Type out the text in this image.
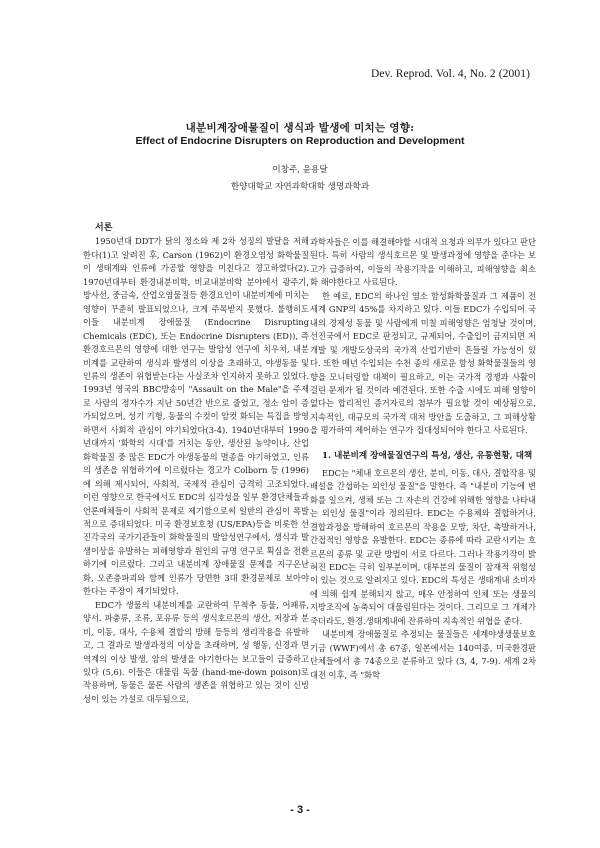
Dev. Reprod. Vol. 4, No. 2 (2001)
내분비계장애물질이 생식과 발생에 미치는 영향:
Effect of Endocrine Disrupters on Reproduction and Development
이창주, 윤용달
한양대학교 자연과학대학 생명과학과

서론

1950년대 DDT가 닭의 정소와 제 2차 성징의 발달을 저해한다(1)고 알려진 후, Carson (1962)이 환경오염성 화학물질이 생태계와 인류에 가공할 영향을 미친다고 경고하였다(2). 1970년대부터 환경내분비학, 비교내분비학 분야에서 광주기, 방사선, 중금속, 산업오염물질등 환경요인이 내분비계에 미치는 영향이 꾸준히 발표되었으나, 크게 주목받지 못했다. 불행히도 이들 내분비계 장애물질 (Endocrine Disrupting Chemicals (EDC), 또는 Endocrine Disrupters (ED)), 즉 환경호르몬의 영향에 대한 연구는 발암성 연구에 치우쳐, 내분비계를 교란하여 생식과 발생의 이상을 초래하고, 야생동물 및 인류의 생존이 위협받는다는 사실조차 인지하지 못하고 있었다. 1993년 영국의 BBC방송이 "Assault on the Male"을 주제로 사람의 정자수가 지난 50년간 반으로 줄었고, 정소 암이 증가되었으며, 성기 기형, 동물의 수컷이 암컷 화되는 특집을 방영하면서 사회적 관심이 야기되었다(3-4). 1940년대부터 1990년대까지 '화학의 시대'를 거치는 동안, 생산된 농약이나, 산업화학물질 중 많은 EDC가 야생동물의 멸종을 야기하였고, 인류의 생존을 위협하기에 이르렀다는 경고가 Colborn 등 (1996)에 의해 제시되어, 사회적, 국제적 관심이 급격히 고조되었다. 이런 영향으로 한국에서도 EDC의 심각성을 일부 환경단체들과 언론매체들이 사회적 문제로 제기함으로써 일반의 관심이 폭발적으로 증대되었다. 미국 환경보호청 (US/EPA)등을 비롯한 선진각국의 국가기관들이 화학물질의 발암성연구에서, 생식과 발생이상을 유발하는 피해영향과 원인의 규명 연구로 획심을 전환하기에 이르렀다. 그리고 내분비계 장애물질 문제를 지구온난화, 오존층파괴와 함께 인류가 당면한 3대 환경문제로 보아야 한다는 주장이 제기되었다.

EDC가 생물의 내분비계를 교란하여 무척추 동물, 어패류, 양서. 파충류, 조류, 포유류 등의 생식호르몬의 생산, 저장과 분비, 이동, 대사, 수용체 결합의 방해 등등의 생리작용을 유발하고, 그 결과로 발생과정의 이상을 초래하며, 성 행동, 신경과 면역계의 이상 발생, 암의 발생을 야기한다는 보고들이 급증하고 있다 (5,6). 이들은 대물림 독물 (hand-me-down poison)로 작용하며, 동물은 물론 사람의 생존을 위협하고 있는 것이 신빙성이 있는 가설로 대두됨으로,

과학자들은 이를 해결해야할 시대적 요청과 의무가 있다고 판단된다. 특히 사람의 생식호르몬 및 발생과정에 영향을 준다는 보고가 급증하여, 이들의 작용기작을 이해하고, 피해영향을 최소화 해야한다고 사료된다.

한 예로, EDC의 하나인 염소 함성화학물질과 그 제품이 전세계 GNP의 45%를 차지하고 있다. 이들 EDC가 수입되어 국내의 경제성 동물 및 사람에게 미칠 피해영향은 엄청날 것이며, 선진국에서 EDC로 판정되고, 규제되어, 수출입이 금지되면 저개발 및 개발도상국의 국가적 산업기반이 흔들릴 가능성이 있다. 또한 매년 수입되는 수천 종의 새로운 함성 화학물질들의 영향을 모니터링할 대책이 필요하고, 이는 국가적 경쟁과 사활이 걸린 문제가 될 것이라 예견된다. 또한 수출 시에도 피해 영향이 없다는 합리적인 증거자료의 첨부가 필요할 것이 예상됨으로, 지속적인, 대규모의 국가적 대처 방안을 도출하고, 그 피해상황을 평가하여 제어하는 연구가 집대성되어야 한다고 사료된다.

1. 내분비계 장애물질연구의 특성, 생산, 유통현황, 대책

EDC는 "체내 호르몬의 생산, 분비, 이동, 대사, 결합작용 및 배설을 간섭하는 외인성 물질"을 말한다. 즉 "내분비 기능에 변화를 일으켜, 생체 또는 그 자손의 건강에 위해한 영향을 나타내는 외인성 물질"이라 정의된다. EDC는 수용체와 결합하거나, 결합과정을 방해하여 호르몬의 작용을 모방, 차단, 촉발하거나, 간접적인 영향을 유발한다. EDC는 종류에 따라 교란시키는 호르몬의 종류 및 교란 방법이 서로 다르다. 그러나 작용기작이 밝혀진 EDC는 극히 일부분이며, 대부분의 물질이 잠재적 위험성이 있는 것으로 알려지고 있다. EDC의 특성은 생태계내 소비자에 의해 쉽게 분해되지 않고, 매우 안정하여 인체 또는 생물의 지방조직에 농축되어 대물림된다는 것이다. 그리므로 그 개체가 죽더라도, 환경.생태계내에 잔류하여 지속적인 위협을 준다.

내분비계 장애물질로 추정되는 물질들은 세계야생생물보호기금 (WWF)에서 총 67종, 일본에서는 140여종, 미국환경판단체들에서 총 74종으로 분류하고 있다 (3, 4, 7-9). 세계 2차 대전 이후, 즉 "화학

- 3 -
